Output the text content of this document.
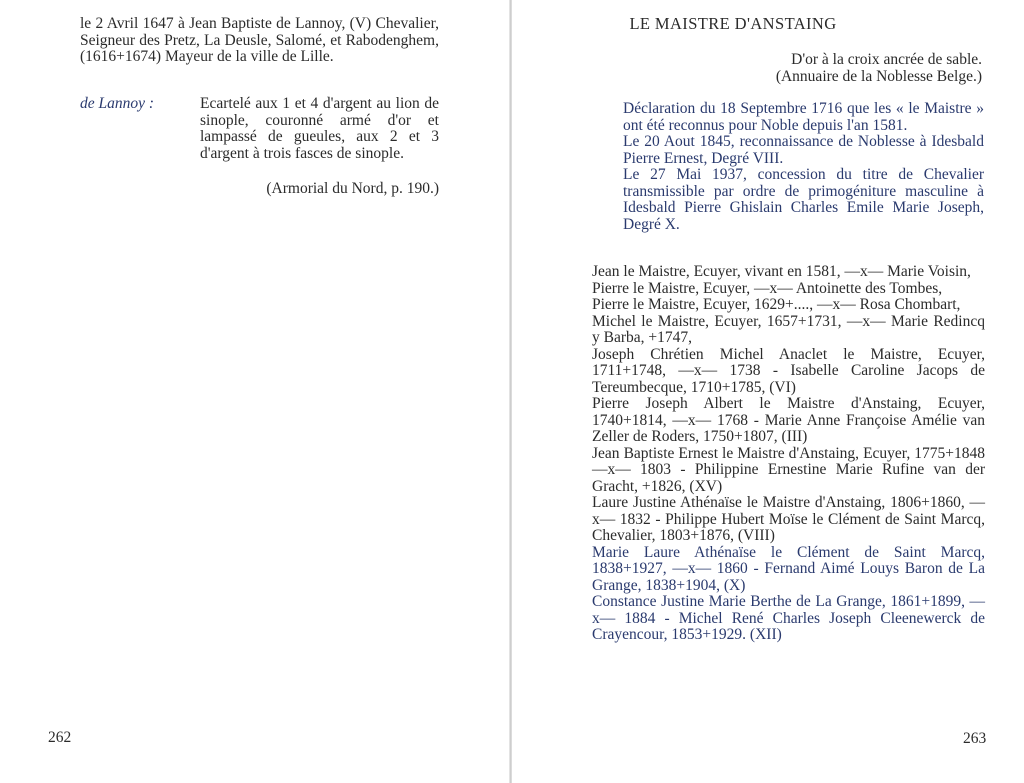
le 2 Avril 1647 à Jean Baptiste de Lannoy, (V) Chevalier, Seigneur des Pretz, La Deusle, Salomé, et Rabodenghem, (1616+1674) Mayeur de la ville de Lille.

de Lannoy :	Ecartelé aux 1 et 4 d'argent au lion de sinople, couronné armé d'or et lampassé de gueules, aux 2 et 3 d'argent à trois fasces de sinople.

(Armorial du Nord, p. 190.)

262

LE MAISTRE D'ANSTAING

D'or à la croix ancrée de sable.

(Annuaire de la Noblesse Belge.)

Déclaration du 18 Septembre 1716 que les « le Maistre » ont été reconnus pour Noble depuis l'an 1581.

Le 20 Aout 1845, reconnaissance de Noblesse à Idesbald Pierre Ernest, Degré VIII.

Le 27 Mai 1937, concession du titre de Chevalier transmissible par ordre de primogéniture masculine à Idesbald Pierre Ghislain Charles Emile Marie Joseph, Degré X.

Jean le Maistre, Ecuyer, vivant en 1581, —x— Marie Voisin,

Pierre le Maistre, Ecuyer, —x— Antoinette des Tombes,

Pierre le Maistre, Ecuyer, 1629+...., —x— Rosa Chombart,

Michel le Maistre, Ecuyer, 1657+1731, —x— Marie Redincq y Barba, +1747,

Joseph Chrétien Michel Anaclet le Maistre, Ecuyer, 1711+1748, —x— 1738 - Isabelle Caroline Jacops de Tereumbecque, 1710+1785, (VI)

Pierre Joseph Albert le Maistre d'Anstaing, Ecuyer, 1740+1814, —x— 1768 - Marie Anne Françoise Amélie van Zeller de Roders, 1750+1807, (III)

Jean Baptiste Ernest le Maistre d'Anstaing, Ecuyer, 1775+1848 —x— 1803 - Philippine Ernestine Marie Rufine van der Gracht, +1826, (XV)

Laure Justine Athénaïse le Maistre d'Anstaing, 1806+1860, —x— 1832 - Philippe Hubert Moïse le Clément de Saint Marcq, Chevalier, 1803+1876, (VIII)

Marie Laure Athénaïse le Clément de Saint Marcq, 1838+1927, —x— 1860 - Fernand Aimé Louys Baron de La Grange, 1838+1904, (X)

Constance Justine Marie Berthe de La Grange, 1861+1899, —x— 1884 - Michel René Charles Joseph Cleenewerck de Crayencour, 1853+1929. (XII)

263
